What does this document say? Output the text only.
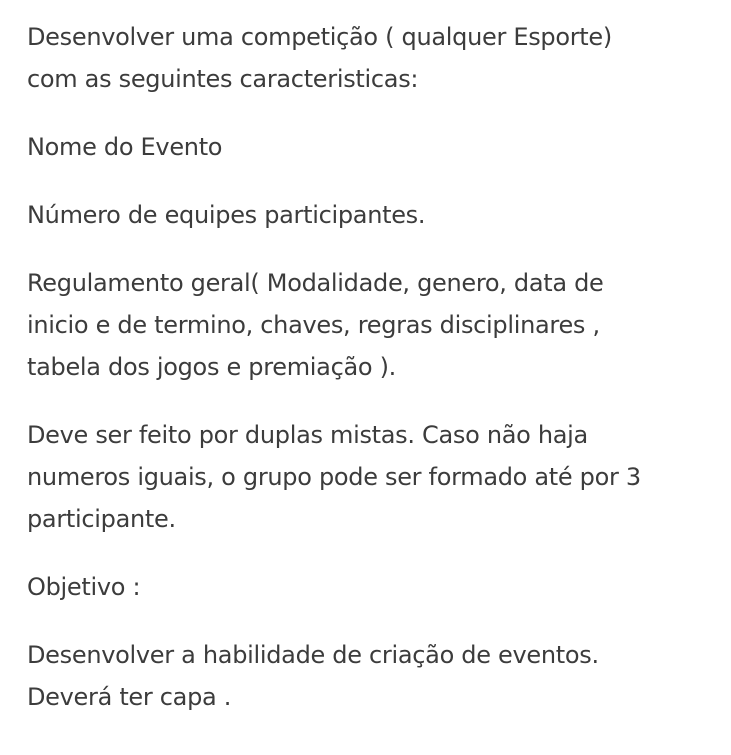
Desenvolver uma competição ( qualquer Esporte)
com as seguintes caracteristicas:

Nome do Evento

Número de equipes participantes.

Regulamento geral( Modalidade, genero, data de
inicio e de termino, chaves, regras disciplinares ,
tabela dos jogos e premiação ).

Deve ser feito por duplas mistas. Caso não haja
numeros iguais, o grupo pode ser formado até por 3
participante.

Objetivo :

Desenvolver a habilidade de criação de eventos.
Deverá ter capa .
